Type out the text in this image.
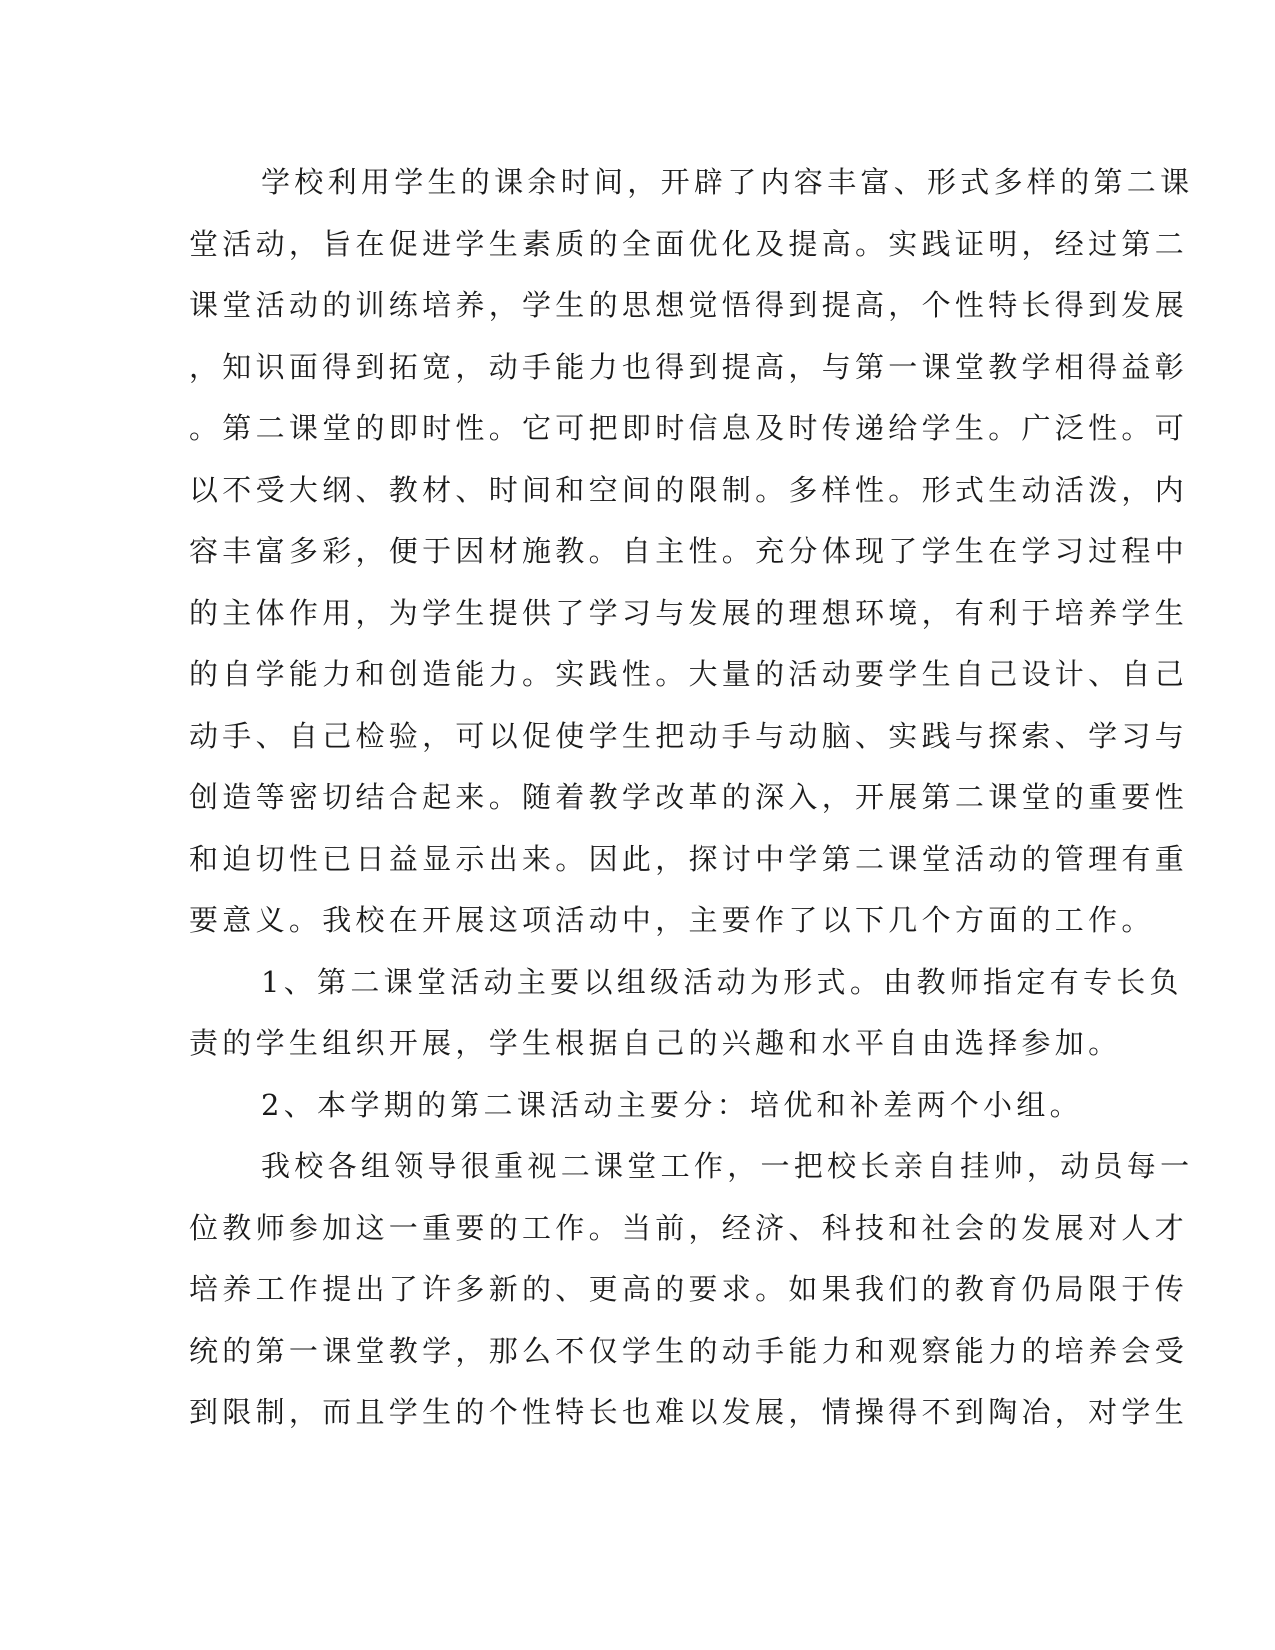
学校利用学生的课余时间，开辟了内容丰富、形式多样的第二课
堂活动，旨在促进学生素质的全面优化及提高。实践证明，经过第二
课堂活动的训练培养，学生的思想觉悟得到提高，个性特长得到发展
，知识面得到拓宽，动手能力也得到提高，与第一课堂教学相得益彰
。第二课堂的即时性。它可把即时信息及时传递给学生。广泛性。可
以不受大纲、教材、时间和空间的限制。多样性。形式生动活泼，内
容丰富多彩，便于因材施教。自主性。充分体现了学生在学习过程中
的主体作用，为学生提供了学习与发展的理想环境，有利于培养学生
的自学能力和创造能力。实践性。大量的活动要学生自己设计、自己
动手、自己检验，可以促使学生把动手与动脑、实践与探索、学习与
创造等密切结合起来。随着教学改革的深入，开展第二课堂的重要性
和迫切性已日益显示出来。因此，探讨中学第二课堂活动的管理有重
要意义。我校在开展这项活动中，主要作了以下几个方面的工作。
1、第二课堂活动主要以组级活动为形式。由教师指定有专长负
责的学生组织开展，学生根据自己的兴趣和水平自由选择参加。
2、本学期的第二课活动主要分：培优和补差两个小组。
我校各组领导很重视二课堂工作，一把校长亲自挂帅，动员每一
位教师参加这一重要的工作。当前，经济、科技和社会的发展对人才
培养工作提出了许多新的、更高的要求。如果我们的教育仍局限于传
统的第一课堂教学，那么不仅学生的动手能力和观察能力的培养会受
到限制，而且学生的个性特长也难以发展，情操得不到陶冶，对学生
